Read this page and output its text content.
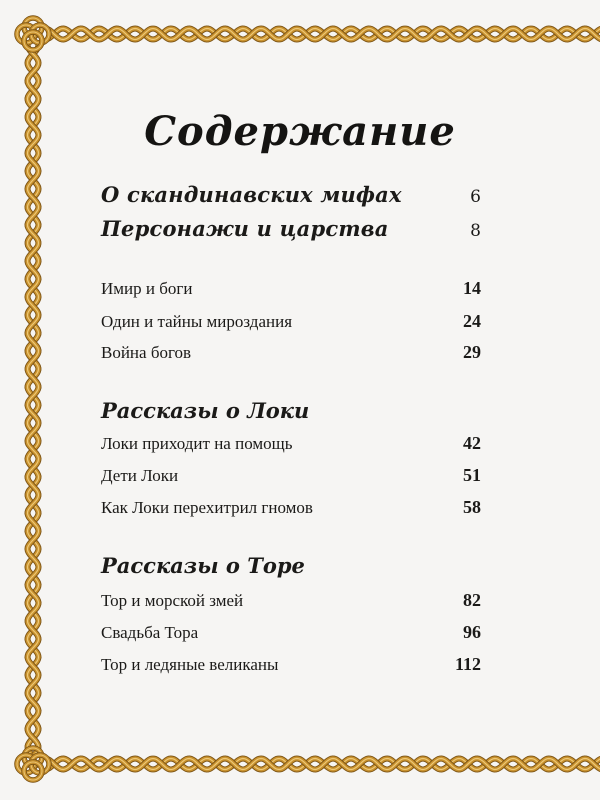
Содержание
О скандинавских мифах	6
Персонажи и царства	8
Имир и боги	14
Один и тайны мироздания	24
Война богов	29
Рассказы о Локи
Локи приходит на помощь	42
Дети Локи	51
Как Локи перехитрил гномов	58
Рассказы о Торе
Тор и морской змей	82
Свадьба Тора	96
Тор и ледяные великаны	112
